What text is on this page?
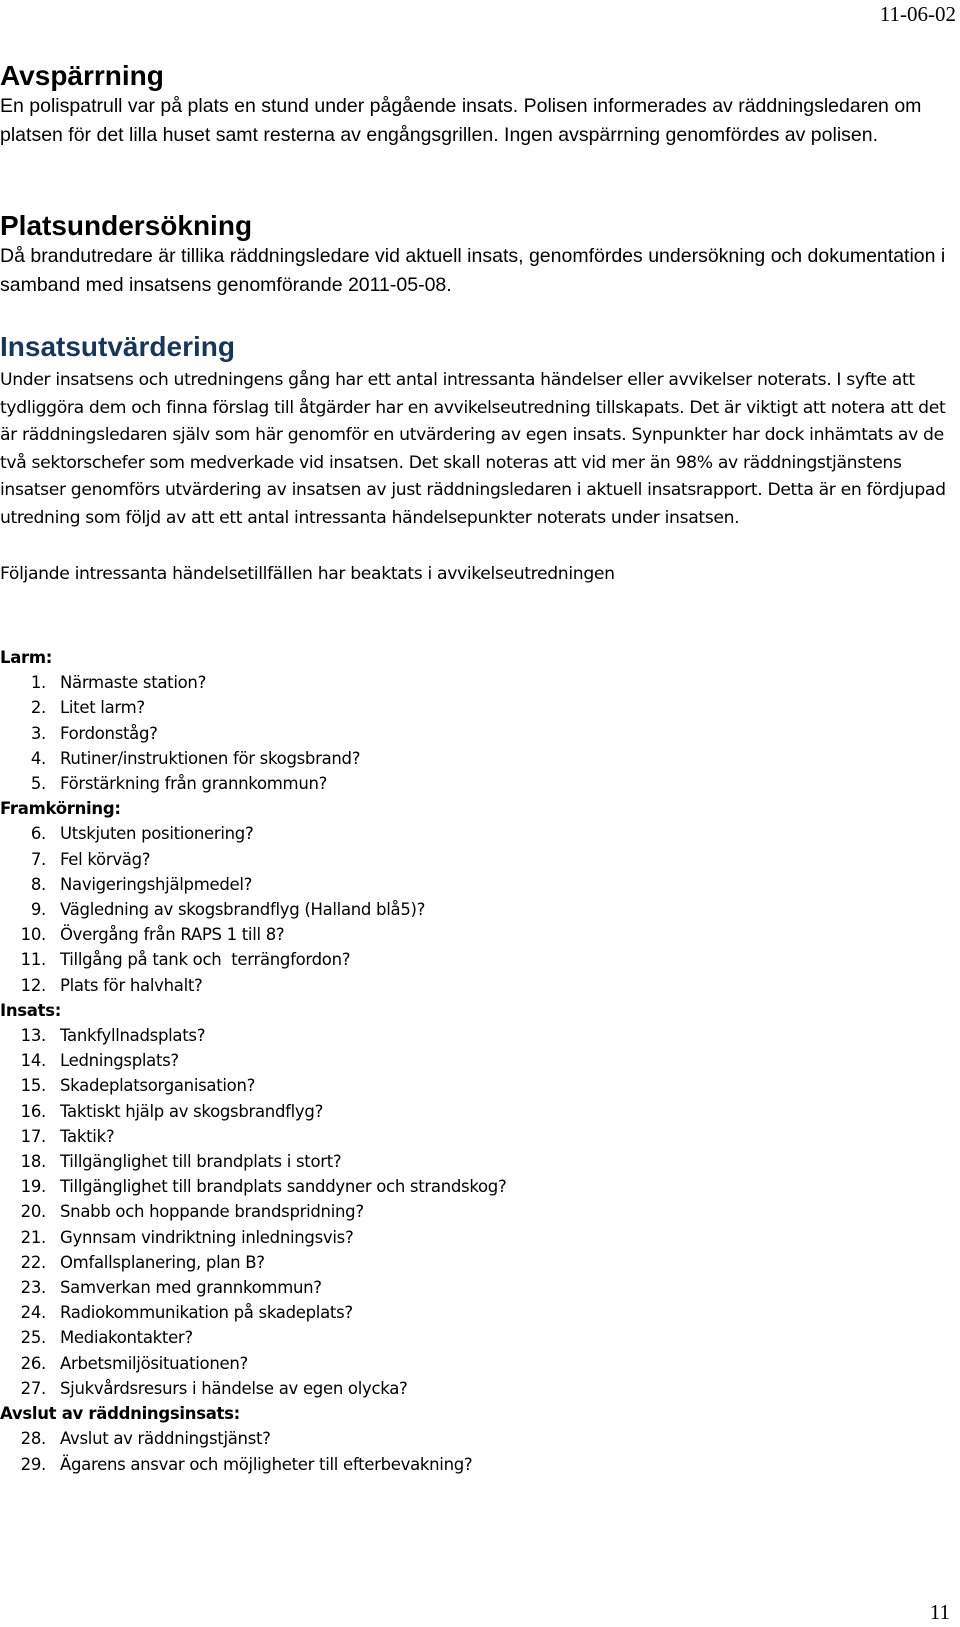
11-06-02
Avspärrning

En polispatrull var på plats en stund under pågående insats. Polisen informerades av räddningsledaren om platsen för det lilla huset samt resterna av engångsgrillen. Ingen avspärrning genomfördes av polisen.

Platsundersökning

Då brandutredare är tillika räddningsledare vid aktuell insats, genomfördes undersökning och dokumentation i samband med insatsens genomförande 2011-05-08.

Insatsutvärdering

Under insatsens och utredningens gång har ett antal intressanta händelser eller avvikelser noterats. I syfte att tydliggöra dem och finna förslag till åtgärder har en avvikelseutredning tillskapats. Det är viktigt att notera att det är räddningsledaren själv som här genomför en utvärdering av egen insats. Synpunkter har dock inhämtats av de två sektorschefer som medverkade vid insatsen. Det skall noteras att vid mer än 98% av räddningstjänstens insatser genomförs utvärdering av insatsen av just räddningsledaren i aktuell insatsrapport. Detta är en fördjupad utredning som följd av att ett antal intressanta händelsepunkter noterats under insatsen.

Följande intressanta händelsetillfällen har beaktats i avvikelseutredningen

Larm:
1. Närmaste station?
2. Litet larm?
3. Fordonståg?
4. Rutiner/instruktionen för skogsbrand?
5. Förstärkning från grannkommun?
Framkörning:
6. Utskjuten positionering?
7. Fel körväg?
8. Navigeringshjälpmedel?
9. Vägledning av skogsbrandflyg (Halland blå5)?
10. Övergång från RAPS 1 till 8?
11. Tillgång på tank och  terrängfordon?
12. Plats för halvhalt?
Insats:
13. Tankfyllnadsplats?
14. Ledningsplats?
15. Skadeplatsorganisation?
16. Taktiskt hjälp av skogsbrandflyg?
17. Taktik?
18. Tillgänglighet till brandplats i stort?
19. Tillgänglighet till brandplats sanddyner och strandskog?
20. Snabb och hoppande brandspridning?
21. Gynnsam vindriktning inledningsvis?
22. Omfallsplanering, plan B?
23. Samverkan med grannkommun?
24. Radiokommunikation på skadeplats?
25. Mediakontakter?
26. Arbetsmiljösituationen?
27. Sjukvårdsresurs i händelse av egen olycka?
Avslut av räddningsinsats:
28. Avslut av räddningstjänst?
29. Ägarens ansvar och möjligheter till efterbevakning?
11
